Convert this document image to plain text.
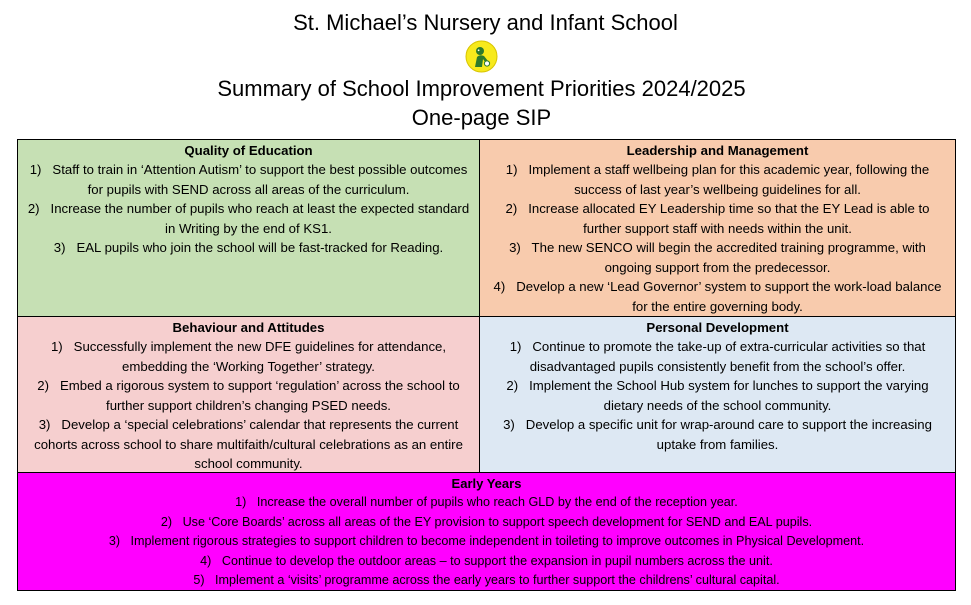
St. Michael’s Nursery and Infant School
Summary of School Improvement Priorities 2024/2025
One-page SIP
Quality of Education

1)   Staff to train in ‘Attention Autism’ to support the best possible outcomes for pupils with SEND across all areas of the curriculum.

2)   Increase the number of pupils who reach at least the expected standard in Writing by the end of KS1.

3)   EAL pupils who join the school will be fast-tracked for Reading.

Leadership and Management

1)   Implement a staff wellbeing plan for this academic year, following the success of last year’s wellbeing guidelines for all.

2)   Increase allocated EY Leadership time so that the EY Lead is able to further support staff with needs within the unit.

3)   The new SENCO will begin the accredited training programme, with ongoing support from the predecessor.

4)   Develop a new ‘Lead Governor’ system to support the work-load balance for the entire governing body.

Behaviour and Attitudes

1)   Successfully implement the new DFE guidelines for attendance, embedding the ‘Working Together’ strategy.

2)   Embed a rigorous system to support ‘regulation’ across the school to further support children’s changing PSED needs.

3)   Develop a ‘special celebrations’ calendar that represents the current cohorts across school to share multifaith/cultural celebrations as an entire school community.

Personal Development

1)   Continue to promote the take-up of extra-curricular activities so that disadvantaged pupils consistently benefit from the school’s offer.

2)   Implement the School Hub system for lunches to support the varying dietary needs of the school community.

3)   Develop a specific unit for wrap-around care to support the increasing uptake from families.

Early Years

1)   Increase the overall number of pupils who reach GLD by the end of the reception year.

2)   Use ‘Core Boards’ across all areas of the EY provision to support speech development for SEND and EAL pupils.

3)   Implement rigorous strategies to support children to become independent in toileting to improve outcomes in Physical Development.

4)   Continue to develop the outdoor areas – to support the expansion in pupil numbers across the unit.

5)   Implement a ‘visits’ programme across the early years to further support the childrens’ cultural capital.
